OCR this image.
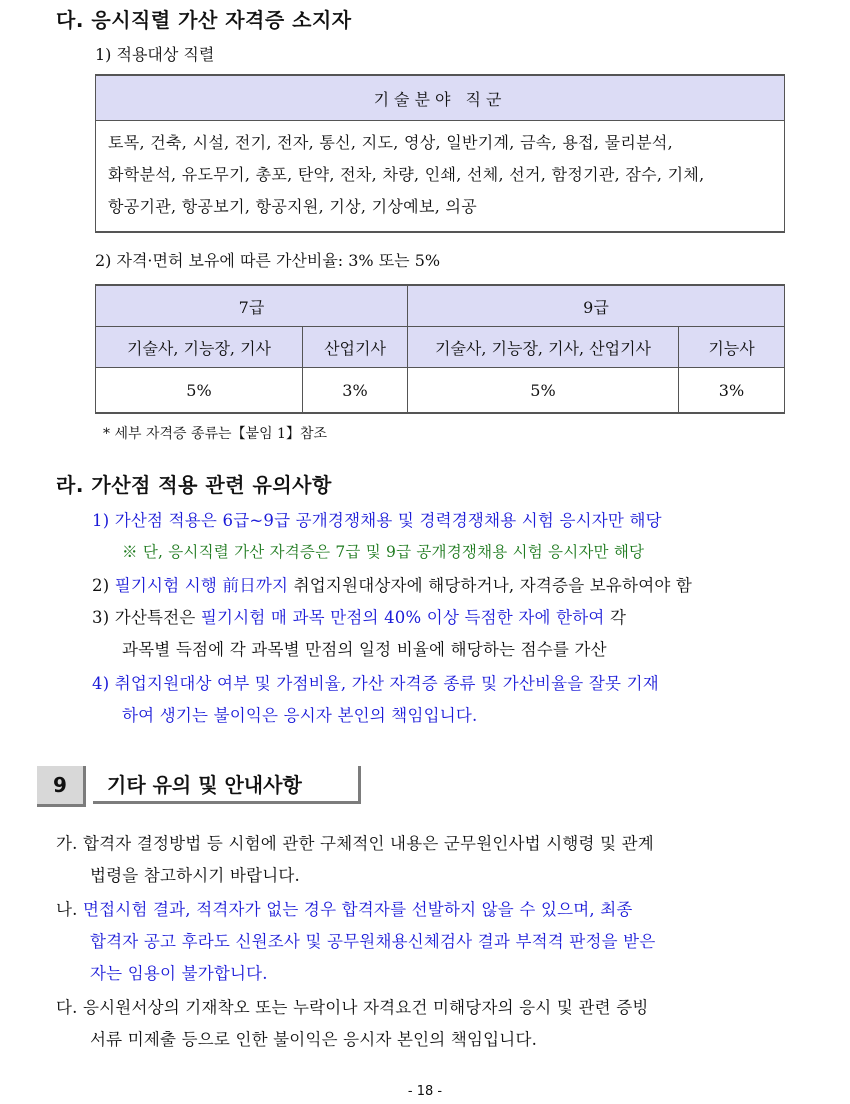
다. 응시직렬 가산 자격증 소지자

1) 적용대상 직렬

기술분야 직군

토목, 건축, 시설, 전기, 전자, 통신, 지도, 영상, 일반기계, 금속, 용접, 물리분석,
화학분석, 유도무기, 총포, 탄약, 전차, 차량, 인쇄, 선체, 선거, 함정기관, 잠수, 기체,
항공기관, 항공보기, 항공지원, 기상, 기상예보, 의공

2) 자격·면허 보유에 따른 가산비율: 3% 또는 5%

7급		9급	
기술사, 기능장, 기사	산업기사	기술사, 기능장, 기사, 산업기사	기능사
5%	3%	5%	3%
* 세부 자격증 종류는【붙임 1】참조
라. 가산점 적용 관련 유의사항
1) 가산점 적용은 6급~9급 공개경쟁채용 및 경력경쟁채용 시험 응시자만 해당
※ 단, 응시직렬 가산 자격증은 7급 및 9급 공개경쟁채용 시험 응시자만 해당
2) 필기시험 시행 前日까지 취업지원대상자에 해당하거나, 자격증을 보유하여야 함
3) 가산특전은 필기시험 매 과목 만점의 40% 이상 득점한 자에 한하여 각
과목별 득점에 각 과목별 만점의 일정 비율에 해당하는 점수를 가산
4) 취업지원대상 여부 및 가점비율, 가산 자격증 종류 및 가산비율을 잘못 기재
하여 생기는 불이익은 응시자 본인의 책임입니다.
9	기타 유의 및 안내사항
가. 합격자 결정방법 등 시험에 관한 구체적인 내용은 군무원인사법 시행령 및 관계
법령을 참고하시기 바랍니다.
나. 면접시험 결과, 적격자가 없는 경우 합격자를 선발하지 않을 수 있으며, 최종
합격자 공고 후라도 신원조사 및 공무원채용신체검사 결과 부적격 판정을 받은
자는 임용이 불가합니다.
다. 응시원서상의 기재착오 또는 누락이나 자격요건 미해당자의 응시 및 관련 증빙
서류 미제출 등으로 인한 불이익은 응시자 본인의 책임입니다.
- 18 -
